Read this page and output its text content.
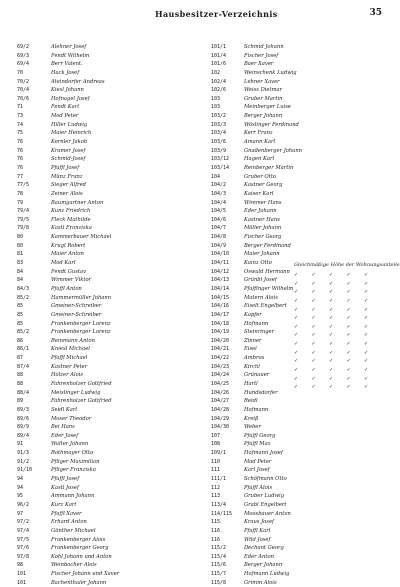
Hausbesitzer-Verzeichnis	35
69/2	Alehner Josef
69/3	Fendt Wilhelm
69/4	Berr Valent.
70	Hack Josef
70/2	Ateindorfer Andreas
70/4	Kiesl Johann
70/6	Hofnagel Josef
71	Fendt Karl
73	Mod Peter
74	Hiller Ludwig
75	Maier Heinrich
76	Kernler Jakob
76	Kramer Josef
76	Schmid-Josef
76	Pfaffl Josef
77	Münz Franz
77/5	Sieger Alfred
78	Zeiner Alois
79	Baumgartner Anton
79/4	Kunz Friedrich
79/5	Fleck Mathilde
79/8	Kastl Franziska
80	Kammerbauer Michael
80	Krugl Robert
81	Maier Anton
83	Mod Karl
84	Fendt Gustav
84	Wimmer Viktor
84/3	Pfaffl Anton
85/2	Hammermüller Johann
85	Gmeiner-Schreiber
85	Gmeiner-Schreiber
85	Frankenberger Lorenz
85/2	Frankenberger Lorenz
86	Reinmann Anton
86/1	Kniesl Michael
87	Pfaffl Michael
87/4	Kastner Peter
88	Holzer Alois
88	Fahrenholzer Gottfried
88/4	Meislinger Ludwig
89	Fahrenholzer Gottfried
89/3	Seidl Karl
89/6	Moser Theodor
89/9	Bei Hans
89/4	Eder Josef
91	Walter Johann
91/3	Rothmayer Otto
91/2	Pfliger Maximilian
91/10	Pfliger Franziska
94	Pfaffl Josef
94	Kastl Josef
95	Ammann Johann
96/2	Kurz Karl
97	Pfaffl Xaver
97/2	Erhard Anton
97/4	Günther Michael
97/5	Frankenberger Alois
97/6	Frankenberger Georg
97/8	Kohl Johann und Anton
98	Weinbacher Alois
101	Fischer Johann und Xaver
101	Bachenthaler Johann
101/1	Schmid Johann
101/4	Fischer Josef
101/6	Baer Xaver
102	Weinschenk Ludwig
102/4	Lehner Xaver
102/6	Weiss Dietmar
103	Gruber Martin
103	Meinberger Luise
103/2	Berger Johann
103/3	Wöslinger Ferdinand
103/4	Kerr Franz
103/6	Amann Karl
103/9	Gnadenberger Johann
103/12	Hagen Karl
103/14	Reinberger Martin
104	Gruber Otto
104/2	Kastner Georg
104/3	Kaiser Karl
104/4	Wimmer Hans
104/5	Eder Johann
104/6	Kastner Hans
104/7	Möller Johann
104/8	Fischer Georg
104/9	Berger Ferdinand
104/10	Maier Johann
104/11	Kainz Otto
104/12	Oswald Hermann
104/13	Grünbl Josef
104/14	Pfaffinger Wilhelm
104/15	Matern Alois
104/16	Eiselt Engelbert
104/17	Kapfer
104/18	Hofmann
104/19	Steinringer
104/20	Zinner
104/21	Eisel
104/22	Ambros
104/23	Kirchl
104/24	Grünauer
104/25	Hartl
104/26	Hundsdorfer
104/27	Reidl
104/28	Hofmann
104/29	Kreiß
104/30	Weber
107	Pfaffl Georg
108	Pfaffl Max
109/1	Hofmann Josef
110	Mod Peter
111	Karl Josef
111/1	Schöfmann Otto
112	Pfaffl Alois
113	Gruber Ludwig
113/4	Grabl Engelbert
114/115	Moosbauer Anton
115	Kraus Josef
116	Pfaffl Karl
116	Wild Josef
115/2	Dechant Georg
115/4	Eder Anton
115/6	Berger Johann
115/7	Hofmann Ludwig
115/8	Grimm Alois
Gleichmäßige Höhe der Wohnungsanteile
✓	✓	✓	✓	✓
✓	✓	✓	✓	✓
✓	✓	✓	✓	✓
✓	✓	✓	✓	✓
✓	✓	✓	✓	✓
✓	✓	✓	✓	✓
✓	✓	✓	✓	✓
✓	✓	✓	✓	✓
✓	✓	✓	✓	✓
✓	✓	✓	✓	✓
✓	✓	✓	✓	✓
✓	✓	✓	✓	✓
✓	✓	✓	✓	✓
✓	✓	✓	✓	✓
